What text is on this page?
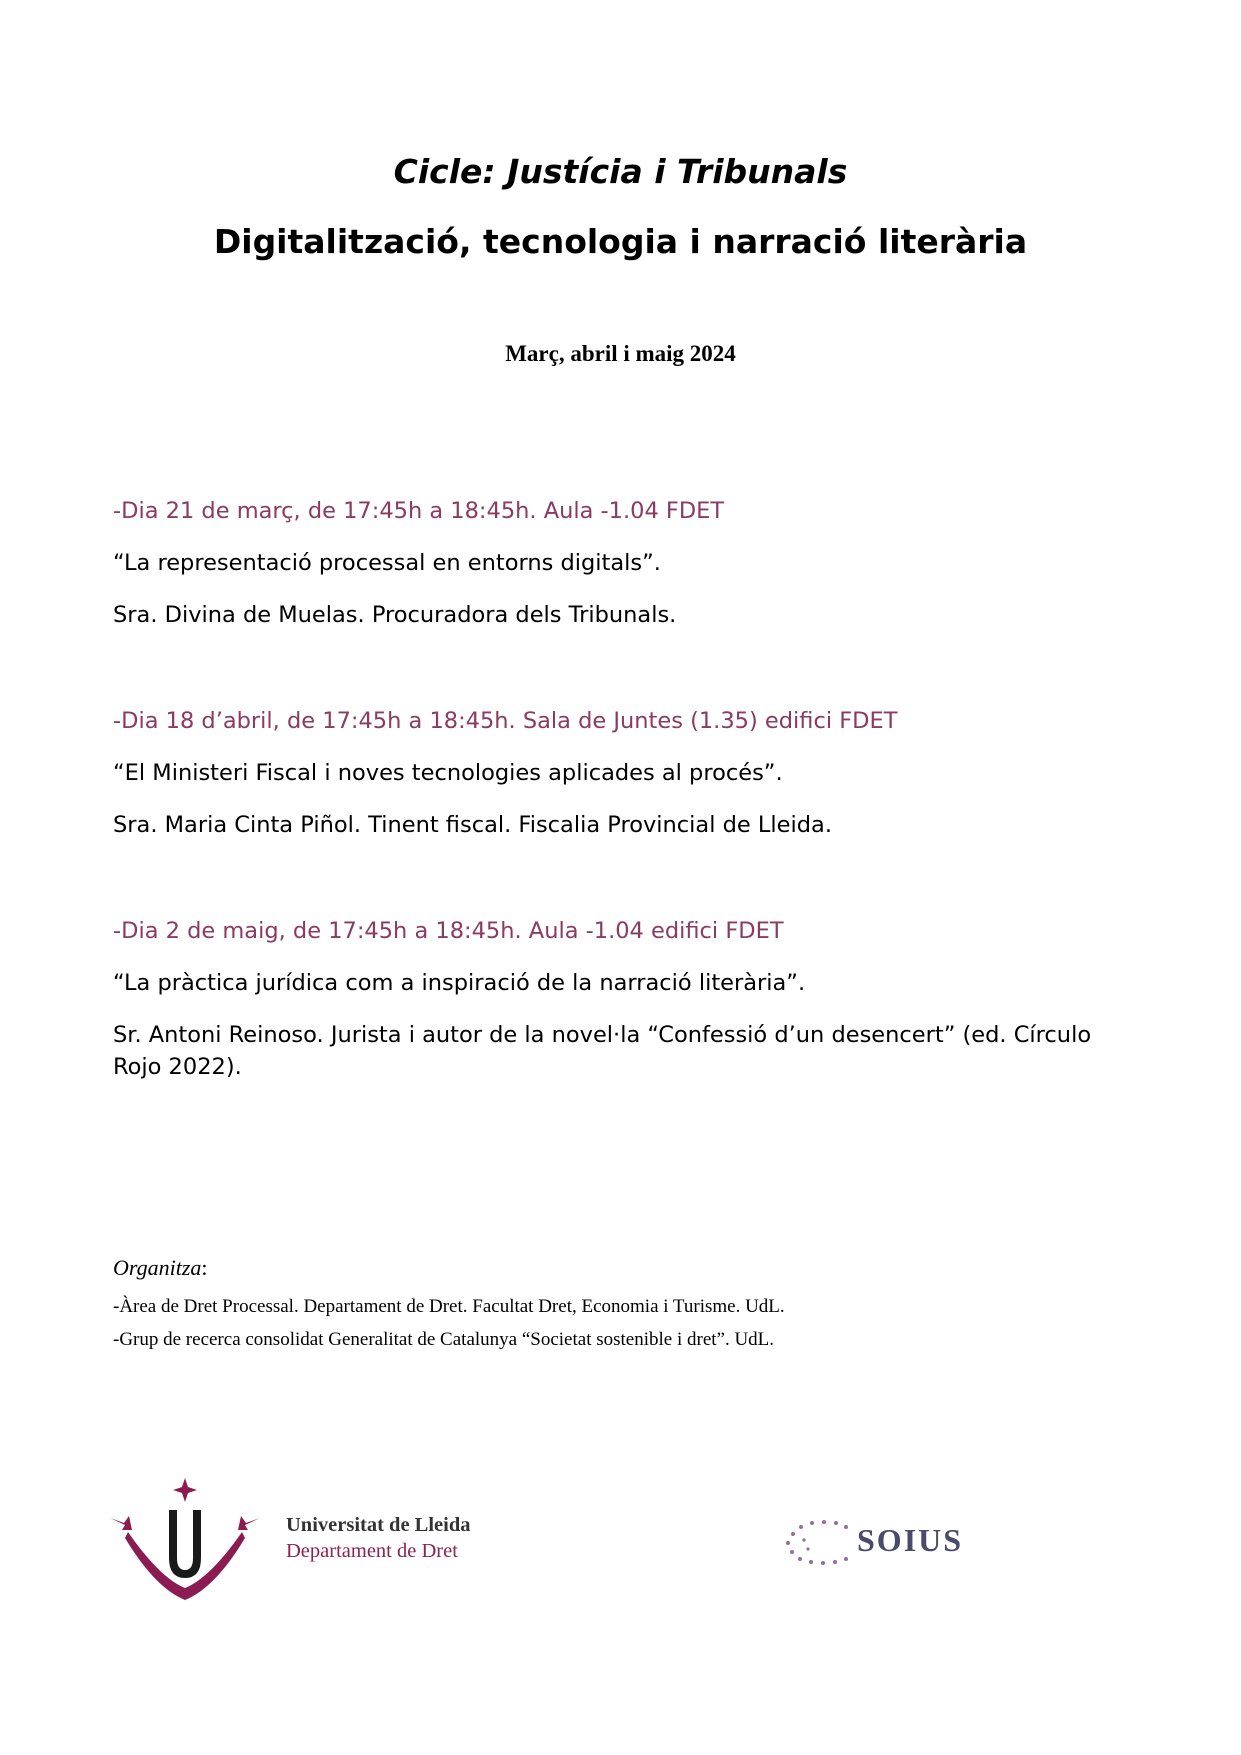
Cicle: Justícia i Tribunals
Digitalització, tecnologia i narració literària
Març, abril i maig 2024
-Dia 21 de març, de 17:45h a 18:45h. Aula -1.04 FDET
“La representació processal en entorns digitals”.
Sra. Divina de Muelas. Procuradora dels Tribunals.
-Dia 18 d’abril, de 17:45h a 18:45h. Sala de Juntes (1.35) edifici FDET
“El Ministeri Fiscal i noves tecnologies aplicades al procés”.
Sra. Maria Cinta Piñol. Tinent fiscal. Fiscalia Provincial de Lleida.
-Dia 2 de maig, de 17:45h a 18:45h. Aula -1.04 edifici FDET
“La pràctica jurídica com a inspiració de la narració literària”.
Sr. Antoni Reinoso. Jurista i autor de la novel·la “Confessió d’un desencert” (ed. Círculo Rojo 2022).
Organitza:
-Àrea de Dret Processal. Departament de Dret. Facultat Dret, Economia i Turisme. UdL.
-Grup de recerca consolidat Generalitat de Catalunya “Societat sostenible i dret”. UdL.
Universitat de Lleida
Departament de Dret	SOIUS
